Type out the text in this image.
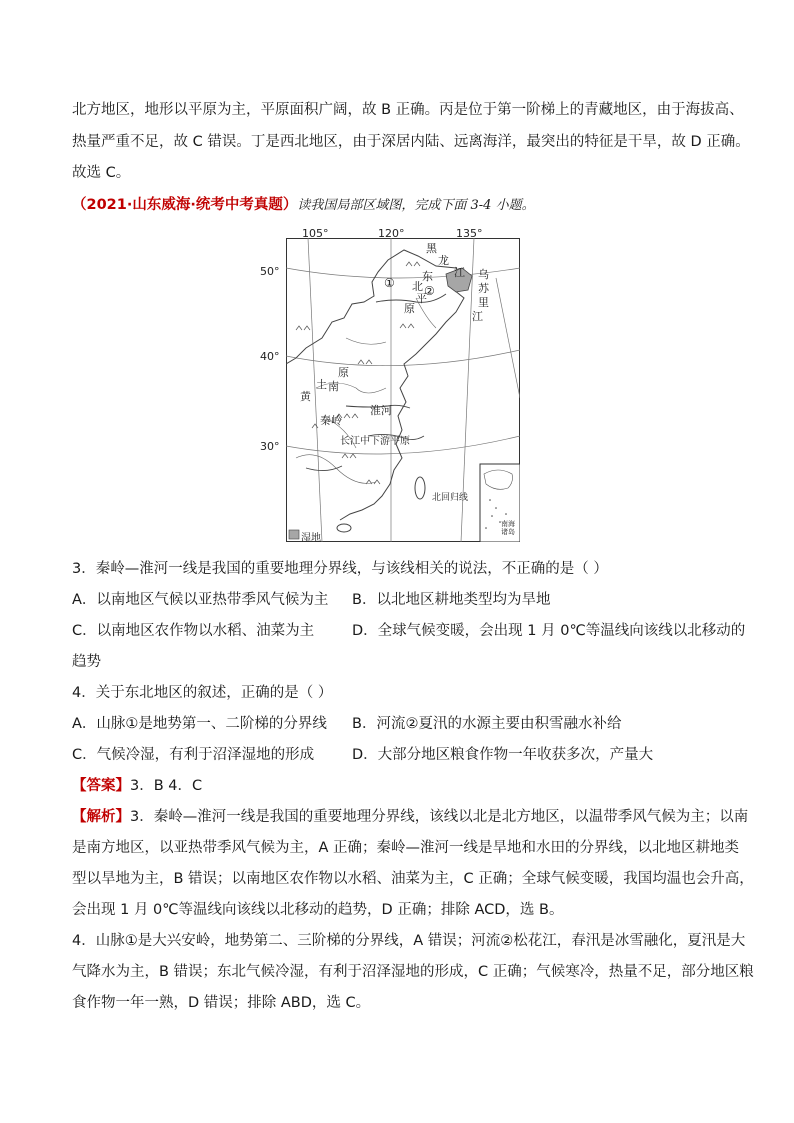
北方地区，地形以平原为主，平原面积广阔，故 B 正确。丙是位于第一阶梯上的青藏地区，由于海拔高、
热量严重不足，故 C 错误。丁是西北地区，由于深居内陆、远离海洋，最突出的特征是干旱，故 D 正确。
故选 C。
（2021·山东威海·统考中考真题）读我国局部区域图，完成下面 3-4 小题。
105°	120°	135°
50°
40°
30°
黑
龙
江 乌
苏
里
江
东
北
平
原
①
②
土
黄
南
原
秦岭
淮河
长江中下游平原
北回归线
南海
诸岛
湿地
3．秦岭—淮河一线是我国的重要地理分界线，与该线相关的说法，不正确的是（ ）
A．以南地区气候以亚热带季风气候为主 B．以北地区耕地类型均为旱地
C．以南地区农作物以水稻、油菜为主	D．全球气候变暖，会出现 1 月 0℃等温线向该线以北移动的
趋势
4．关于东北地区的叙述，正确的是（ ）
A．山脉①是地势第一、二阶梯的分界线 B．河流②夏汛的水源主要由积雪融水补给
C．气候冷湿，有利于沼泽湿地的形成	D．大部分地区粮食作物一年收获多次，产量大
【答案】3．B 4．C
【解析】3．秦岭—淮河一线是我国的重要地理分界线，该线以北是北方地区，以温带季风气候为主；以南
是南方地区，以亚热带季风气候为主，A 正确；秦岭—淮河一线是旱地和水田的分界线，以北地区耕地类
型以旱地为主，B 错误；以南地区农作物以水稻、油菜为主，C 正确；全球气候变暖，我国均温也会升高，
会出现 1 月 0℃等温线向该线以北移动的趋势，D 正确；排除 ACD，选 B。
4．山脉①是大兴安岭，地势第二、三阶梯的分界线，A 错误；河流②松花江，春汛是冰雪融化，夏汛是大
气降水为主，B 错误；东北气候冷湿，有利于沼泽湿地的形成，C 正确；气候寒冷，热量不足，部分地区粮
食作物一年一熟，D 错误；排除 ABD，选 C。
